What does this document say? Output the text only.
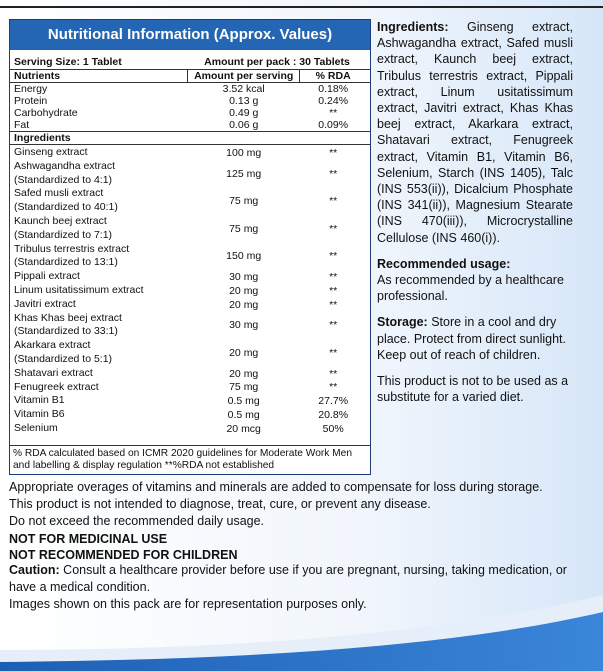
Nutritional Information (Approx. Values)
Serving Size: 1 Tablet	Amount per pack : 30 Tablets
Nutrients	Amount per serving	% RDA
Energy	3.52 kcal	0.18%
Protein	0.13 g	0.24%
Carbohydrate	0.49 g	**
Fat	0.06 g	0.09%
Ingredients
Ginseng extract	100 mg	**
Ashwagandha extract
(Standardized to 4:1)	125 mg	**
Safed musli extract
(Standardized to 40:1)	75 mg	**
Kaunch beej extract
(Standardized to 7:1)	75 mg	**
Tribulus terrestris extract
(Standardized to 13:1)	150 mg	**
Pippali extract	30 mg	**
Linum usitatissimum extract	20 mg	**
Javitri extract	20 mg	**
Khas Khas beej extract
(Standardized to 33:1)	30 mg	**
Akarkara extract
(Standardized to 5:1)	20 mg	**
Shatavari extract	20 mg	**
Fenugreek extract	75 mg	**
Vitamin B1	0.5 mg	27.7%
Vitamin B6	0.5 mg	20.8%
Selenium	20 mcg	50%
% RDA calculated based on ICMR 2020 guidelines for Moderate Work Men and labelling & display regulation **%RDA not established

Ingredients: Ginseng extract, Ashwagandha extract, Safed musli extract, Kaunch beej extract, Tribulus terrestris extract, Pippali extract, Linum usitatissimum extract, Javitri extract, Khas Khas beej extract, Akarkara extract, Shatavari extract, Fenugreek extract, Vitamin B1, Vitamin B6, Selenium, Starch (INS 1405), Talc (INS 553(ii)), Dicalcium Phosphate (INS 341(ii)), Magnesium Stearate (INS 470(iii)), Microcrystalline Cellulose (INS 460(i)).

Recommended usage:

As recommended by a healthcare professional.

Storage: Store in a cool and dry place. Protect from direct sunlight.

Keep out of reach of children.

This product is not to be used as a substitute for a varied diet.

Appropriate overages of vitamins and minerals are added to compensate for loss during storage.

This product is not intended to diagnose, treat, cure, or prevent any disease.

Do not exceed the recommended daily usage.

NOT FOR MEDICINAL USE

NOT RECOMMENDED FOR CHILDREN

Caution: Consult a healthcare provider before use if you are pregnant, nursing, taking medication, or have a medical condition.

Images shown on this pack are for representation purposes only.
